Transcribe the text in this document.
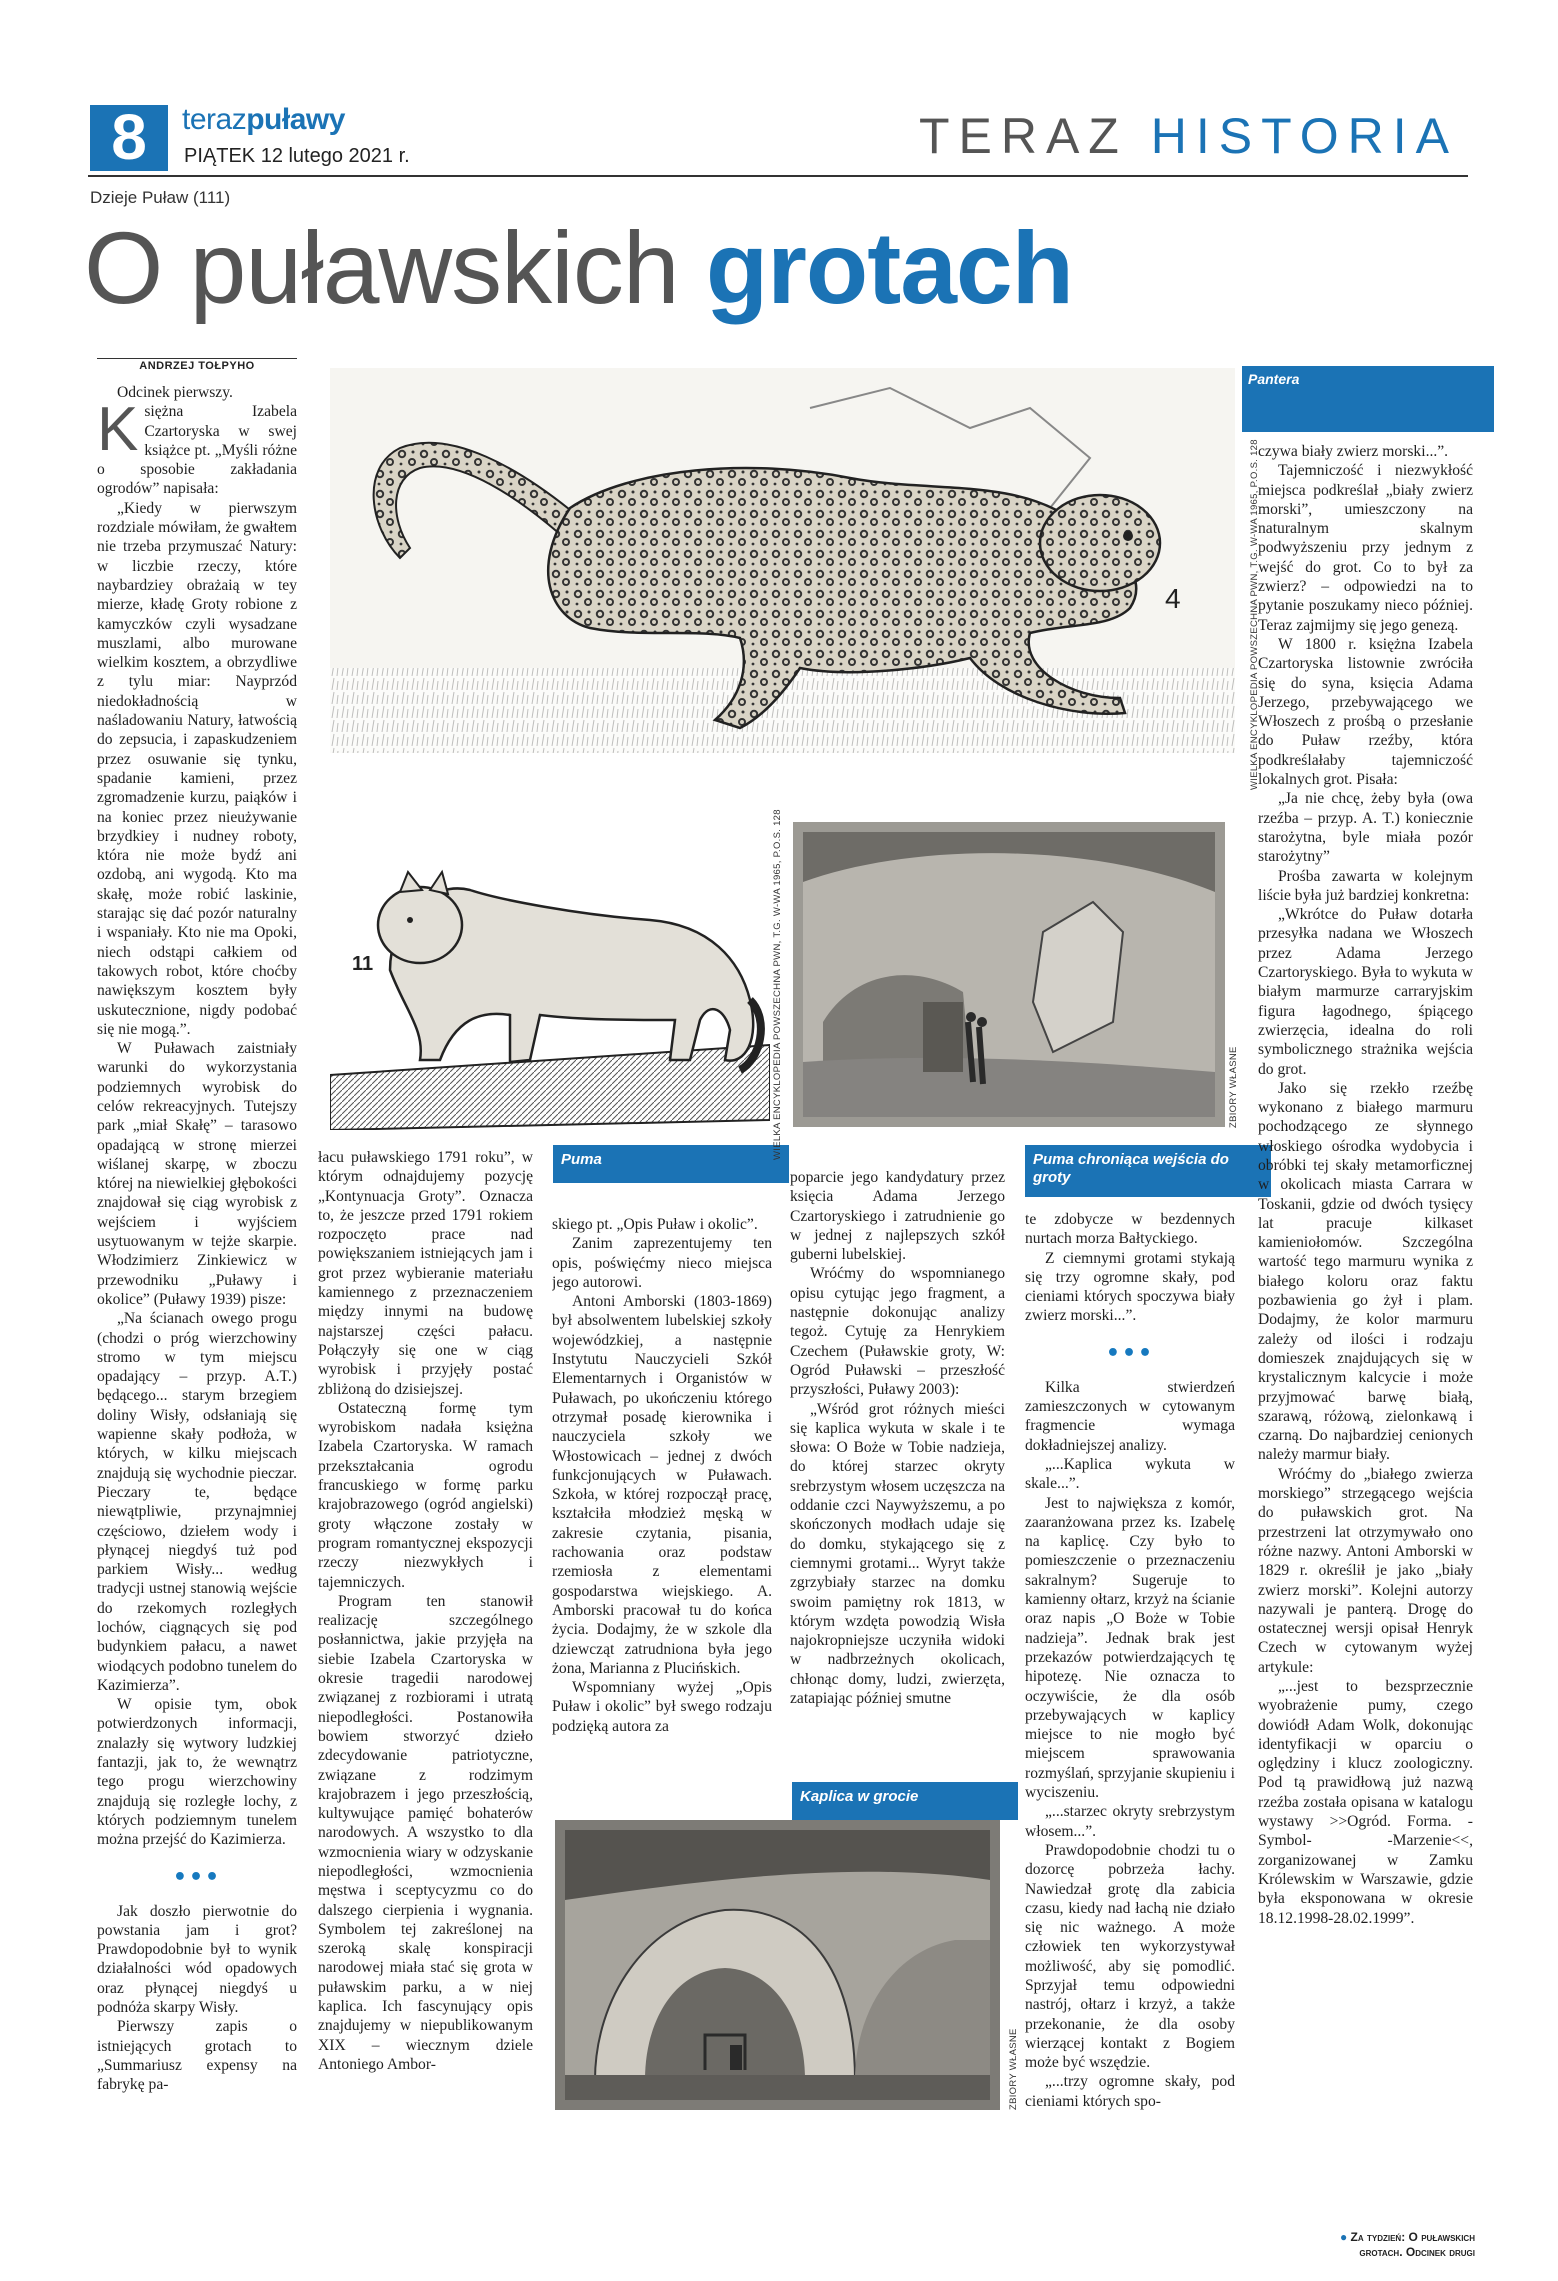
8	terazpuławy
PIĄTEK 12 lutego 2021 r.	TERAZ HISTORIA
Dzieje Puław (111)
O puławskich grotach
ANDRZEJ TOŁPYHO
4	WIELKA ENCYKLOPEDIA POWSZECHNA PWN, T.G. W-WA 1965, P.O.S. 128
Pantera
11
Puma	WIELKA ENCYKLOPEDIA POWSZECHNA PWN, T.G. W-WA 1965, P.O.S. 128	ZBIORY WŁASNE
Puma chroniąca wejścia do groty
Kaplica w grocie
ZBIORY WŁASNE

Odcinek pierwszy.

Księżna Izabela Czartoryska w swej książce pt. „Myśli różne o sposobie zakładania ogrodów” napisała:

„Kiedy w pierwszym rozdziale mówiłam, że gwałtem nie trzeba przymuszać Natury: w liczbie rzeczy, które naybardziey obrażaią w tey mierze, kładę Groty robione z kamyczków czyli wysadzane muszlami, albo murowane wielkim kosztem, a obrzydliwe z tylu miar: Nayprzód niedokładnością w naśladowaniu Natury, łatwością do zepsucia, i zapaskudzeniem przez osuwanie się tynku, spadanie kamieni, przez zgromadzenie kurzu, paiąków i na koniec przez nieużywanie brzydkiey i nudney roboty, która nie może bydź ani ozdobą, ani wygodą. Kto ma skałę, może robić laskinie, starając się dać pozór naturalny i wspaniały. Kto nie ma Opoki, niech odstąpi całkiem od takowych robot, które choćby nawiększym kosztem były uskutecznione, nigdy podobać się nie mogą.”.

W Puławach zaistniały warunki do wykorzystania podziemnych wyrobisk do celów rekreacyjnych. Tutejszy park „miał Skałę” – tarasowo opadającą w stronę mierzei wiślanej skarpę, w zboczu której na niewielkiej głębokości znajdował się ciąg wyrobisk z wejściem i wyjściem usytuowanym w tejże skarpie. Włodzimierz Zinkiewicz w przewodniku „Puławy i okolice” (Puławy 1939) pisze:

„Na ścianach owego progu (chodzi o próg wierzchowiny stromo w tym miejscu opadający – przyp. A.T.) będącego... starym brzegiem doliny Wisły, odsłaniają się wapienne skały podłoża, w których, w kilku miejscach znajdują się wychodnie pieczar. Pieczary te, będące niewątpliwie, przynajmniej częściowo, dziełem wody i płynącej niegdyś tuż pod parkiem Wisły... według tradycji ustnej stanowią wejście do rzekomych rozległych lochów, ciągnących się pod budynkiem pałacu, a nawet wiodących podobno tunelem do Kazimierza”.

W opisie tym, obok potwierdzonych informacji, znalazły się wytwory ludzkiej fantazji, jak to, że wewnątrz tego progu wierzchowiny znajdują się rozległe lochy, z których podziemnym tunelem można przejść do Kazimierza.

•••

Jak doszło pierwotnie do powstania jam i grot? Prawdopodobnie był to wynik działalności wód opadowych oraz płynącej niegdyś u podnóża skarpy Wisły.

Pierwszy zapis o istniejących grotach to „Summariusz expensy na fabrykę pa-

łacu puławskiego 1791 roku”, w którym odnajdujemy pozycję „Kontynuacja Groty”. Oznacza to, że jeszcze przed 1791 rokiem rozpoczęto prace nad powiększaniem istniejących jam i grot przez wybieranie materiału kamiennego z przeznaczeniem między innymi na budowę najstarszej części pałacu. Połączyły się one w ciąg wyrobisk i przyjęły postać zbliżoną do dzisiejszej.

Ostateczną formę tym wyrobiskom nadała księżna Izabela Czartoryska. W ramach przekształcania ogrodu francuskiego w formę parku krajobrazowego (ogród angielski) groty włączone zostały w program romantycznej ekspozycji rzeczy niezwykłych i tajemniczych.

Program ten stanowił realizację szczególnego posłannictwa, jakie przyjęła na siebie Izabela Czartoryska w okresie tragedii narodowej związanej z rozbiorami i utratą niepodległości. Postanowiła bowiem stworzyć dzieło zdecydowanie patriotyczne, związane z rodzimym krajobrazem i jego przeszłością, kultywujące pamięć bohaterów narodowych. A wszystko to dla wzmocnienia wiary w odzyskanie niepodległości, wzmocnienia męstwa i sceptycyzmu co do dalszego cierpienia i wygnania. Symbolem tej zakreślonej na szeroką skalę konspiracji narodowej miała stać się grota w puławskim parku, a w niej kaplica. Ich fascynujący opis znajdujemy w niepublikowanym XIX – wiecznym dziele Antoniego Ambor-

skiego pt. „Opis Puław i okolic”.

Zanim zaprezentujemy ten opis, poświęćmy nieco miejsca jego autorowi.

Antoni Amborski (1803-1869) był absolwentem lubelskiej szkoły wojewódzkiej, a następnie Instytutu Nauczycieli Szkół Elementarnych i Organistów w Puławach, po ukończeniu którego otrzymał posadę kierownika i nauczyciela szkoły we Włostowicach – jednej z dwóch funkcjonujących w Puławach. Szkoła, w której rozpoczął pracę, kształciła młodzież męską w zakresie czytania, pisania, rachowania oraz podstaw rzemiosła z elementami gospodarstwa wiejskiego. A. Amborski pracował tu do końca życia. Dodajmy, że w szkole dla dziewcząt zatrudniona była jego żona, Marianna z Plucińskich.

Wspomniany wyżej „Opis Puław i okolic” był swego rodzaju podzięką autora za

poparcie jego kandydatury przez księcia Adama Jerzego Czartoryskiego i zatrudnienie go w jednej z najlepszych szkół guberni lubelskiej.

Wróćmy do wspomnianego opisu cytując jego fragment, a następnie dokonując analizy tegoż. Cytuję za Henrykiem Czechem (Puławskie groty, W: Ogród Puławski – przeszłość przyszłości, Puławy 2003):

„Wśród grot różnych mieści się kaplica wykuta w skale i te słowa: O Boże w Tobie nadzieja, do której starzec okryty srebrzystym włosem uczęszcza na oddanie czci Naywyższemu, a po skończonych modłach udaje się do domku, stykającego się z ciemnymi grotami... Wyryt także zgrzybiały starzec na domku swoim pamiętny rok 1813, w którym wzdęta powodzią Wisła najokropniejsze uczyniła widoki w nadbrzeżnych okolicach, chłonąc domy, ludzi, zwierzęta, zatapiając później smutne

te zdobycze w bezdennych nurtach morza Bałtyckiego.

Z ciemnymi grotami stykają się trzy ogromne skały, pod cieniami których spoczywa biały zwierz morski...”.

•••

Kilka stwierdzeń zamieszczonych w cytowanym fragmencie wymaga dokładniejszej analizy.

„...Kaplica wykuta w skale...”.

Jest to największa z komór, zaaranżowana przez ks. Izabelę na kaplicę. Czy było to pomieszczenie o przeznaczeniu sakralnym? Sugeruje to kamienny ołtarz, krzyż na ścianie oraz napis „O Boże w Tobie nadzieja”. Jednak brak jest przekazów potwierdzających tę hipotezę. Nie oznacza to oczywiście, że dla osób przebywających w kaplicy miejsce to nie mogło być miejscem sprawowania rozmyślań, sprzyjanie skupieniu i wyciszeniu.

„...starzec okryty srebrzystym włosem...”.

Prawdopodobnie chodzi tu o dozorcę pobrzeża łachy. Nawiedzał grotę dla zabicia czasu, kiedy nad łachą nie działo się nic ważnego. A może człowiek ten wykorzystywał możliwość, aby się pomodlić. Sprzyjał temu odpowiedni nastrój, ołtarz i krzyż, a także przekonanie, że dla osoby wierzącej kontakt z Bogiem może być wszędzie.

„...trzy ogromne skały, pod cieniami których spo-

czywa biały zwierz morski...”.

Tajemniczość i niezwykłość miejsca podkreślał „biały zwierz morski”, umieszczony na naturalnym skalnym podwyższeniu przy jednym z wejść do grot. Co to był za zwierz? – odpowiedzi na to pytanie poszukamy nieco później. Teraz zajmijmy się jego genezą.

W 1800 r. księżna Izabela Czartoryska listownie zwróciła się do syna, księcia Adama Jerzego, przebywającego we Włoszech z prośbą o przesłanie do Puław rzeźby, która podkreślałaby tajemniczość lokalnych grot. Pisała:

„Ja nie chcę, żeby była (owa rzeźba – przyp. A. T.) koniecznie starożytna, byle miała pozór starożytny”

Prośba zawarta w kolejnym liście była już bardziej konkretna:

„Wkrótce do Puław dotarła przesyłka nadana we Włoszech przez Adama Jerzego Czartoryskiego. Była to wykuta w białym marmurze carraryjskim figura łagodnego, śpiącego zwierzęcia, idealna do roli symbolicznego strażnika wejścia do grot.

Jako się rzekło rzeźbę wykonano z białego marmuru pochodzącego ze słynnego włoskiego ośrodka wydobycia i obróbki tej skały metamorficznej w okolicach miasta Carrara w Toskanii, gdzie od dwóch tysięcy lat pracuje kilkaset kamieniołomów. Szczególna wartość tego marmuru wynika z białego koloru oraz faktu pozbawienia go żył i plam. Dodajmy, że kolor marmuru zależy od ilości i rodzaju domieszek znajdujących się w krystalicznym kalcycie i może przyjmować barwę białą, szarawą, różową, zielonkawą i czarną. Do najbardziej cenionych należy marmur biały.

Wróćmy do „białego zwierza morskiego” strzegącego wejścia do puławskich grot. Na przestrzeni lat otrzymywało ono różne nazwy. Antoni Amborski w 1829 r. określił je jako „biały zwierz morski”. Kolejni autorzy nazywali je panterą. Drogę do ostatecznej wersji opisał Henryk Czech w cytowanym wyżej artykule:

„...jest to bezsprzecznie wyobrażenie pumy, czego dowiódł Adam Wolk, dokonując identyfikacji w oparciu o oględziny i klucz zoologiczny. Pod tą prawidłową już nazwą rzeźba została opisana w katalogu wystawy >>Ogród. Forma. -Symbol- -Marzenie<<, zorganizowanej w Zamku Królewskim w Warszawie, gdzie była eksponowana w okresie 18.12.1998-28.02.1999”.

● Za tydzień: O puławskich grotach. Odcinek drugi
